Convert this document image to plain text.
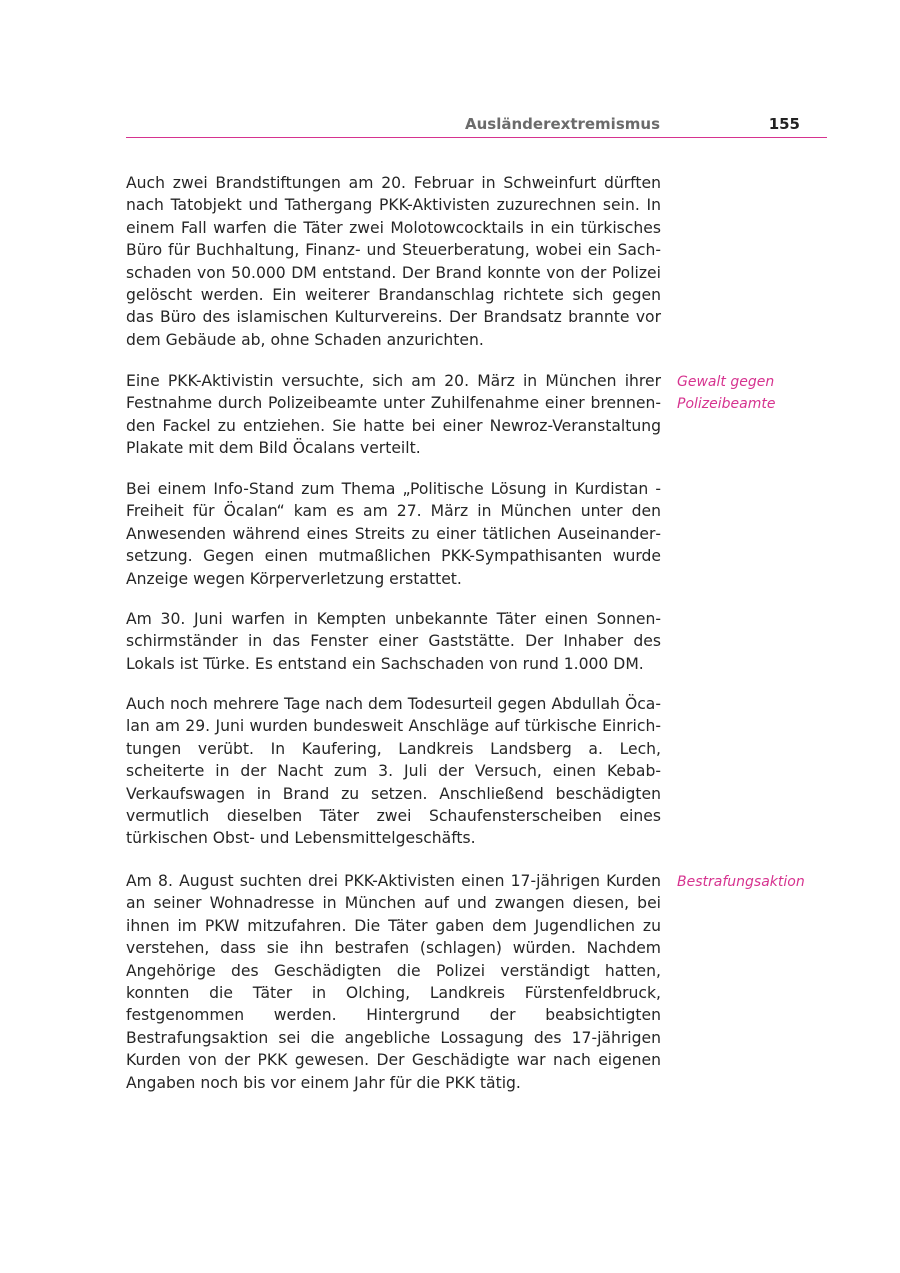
Ausländerextremismus	155

Auch zwei Brandstiftungen am 20. Februar in Schweinfurt dürften nach Tatobjekt und Tathergang PKK-Aktivisten zuzurechnen sein. In einem Fall warfen die Täter zwei Molotowcocktails in ein türkisches Büro für Buchhaltung, Finanz- und Steuerberatung, wobei ein Sachschaden von 50.000 DM entstand. Der Brand konnte von der Polizei gelöscht werden. Ein weiterer Brandanschlag richtete sich gegen das Büro des islamischen Kulturvereins. Der Brandsatz brannte vor dem Gebäude ab, ohne Schaden anzurichten.

Eine PKK-Aktivistin versuchte, sich am 20. März in München ihrer Festnahme durch Polizeibeamte unter Zuhilfenahme einer brennenden Fackel zu entziehen. Sie hatte bei einer Newroz-Veranstaltung Plakate mit dem Bild Öcalans verteilt.

Bei einem Info-Stand zum Thema „Politische Lösung in Kurdistan - Freiheit für Öcalan“ kam es am 27. März in München unter den Anwesenden während eines Streits zu einer tätlichen Auseinandersetzung. Gegen einen mutmaßlichen PKK-Sympathisanten wurde Anzeige wegen Körperverletzung erstattet.

Am 30. Juni warfen in Kempten unbekannte Täter einen Sonnenschirmständer in das Fenster einer Gaststätte. Der Inhaber des Lokals ist Türke. Es entstand ein Sachschaden von rund 1.000 DM.

Auch noch mehrere Tage nach dem Todesurteil gegen Abdullah Öcalan am 29. Juni wurden bundesweit Anschläge auf türkische Einrichtungen verübt. In Kaufering, Landkreis Landsberg a. Lech, scheiterte in der Nacht zum 3. Juli der Versuch, einen Kebab-Verkaufswagen in Brand zu setzen. Anschließend beschädigten vermutlich dieselben Täter zwei Schaufensterscheiben eines türkischen Obst- und Lebensmittelgeschäfts.

Am 8. August suchten drei PKK-Aktivisten einen 17-jährigen Kurden an seiner Wohnadresse in München auf und zwangen diesen, bei ihnen im PKW mitzufahren. Die Täter gaben dem Jugendlichen zu verstehen, dass sie ihn bestrafen (schlagen) würden. Nachdem Angehörige des Geschädigten die Polizei verständigt hatten, konnten die Täter in Olching, Landkreis Fürstenfeldbruck, festgenommen werden. Hintergrund der beabsichtigten Bestrafungsaktion sei die angebliche Lossagung des 17-jährigen Kurden von der PKK gewesen. Der Geschädigte war nach eigenen Angaben noch bis vor einem Jahr für die PKK tätig.

Gewalt gegen
Polizeibeamte
Bestrafungsaktion
